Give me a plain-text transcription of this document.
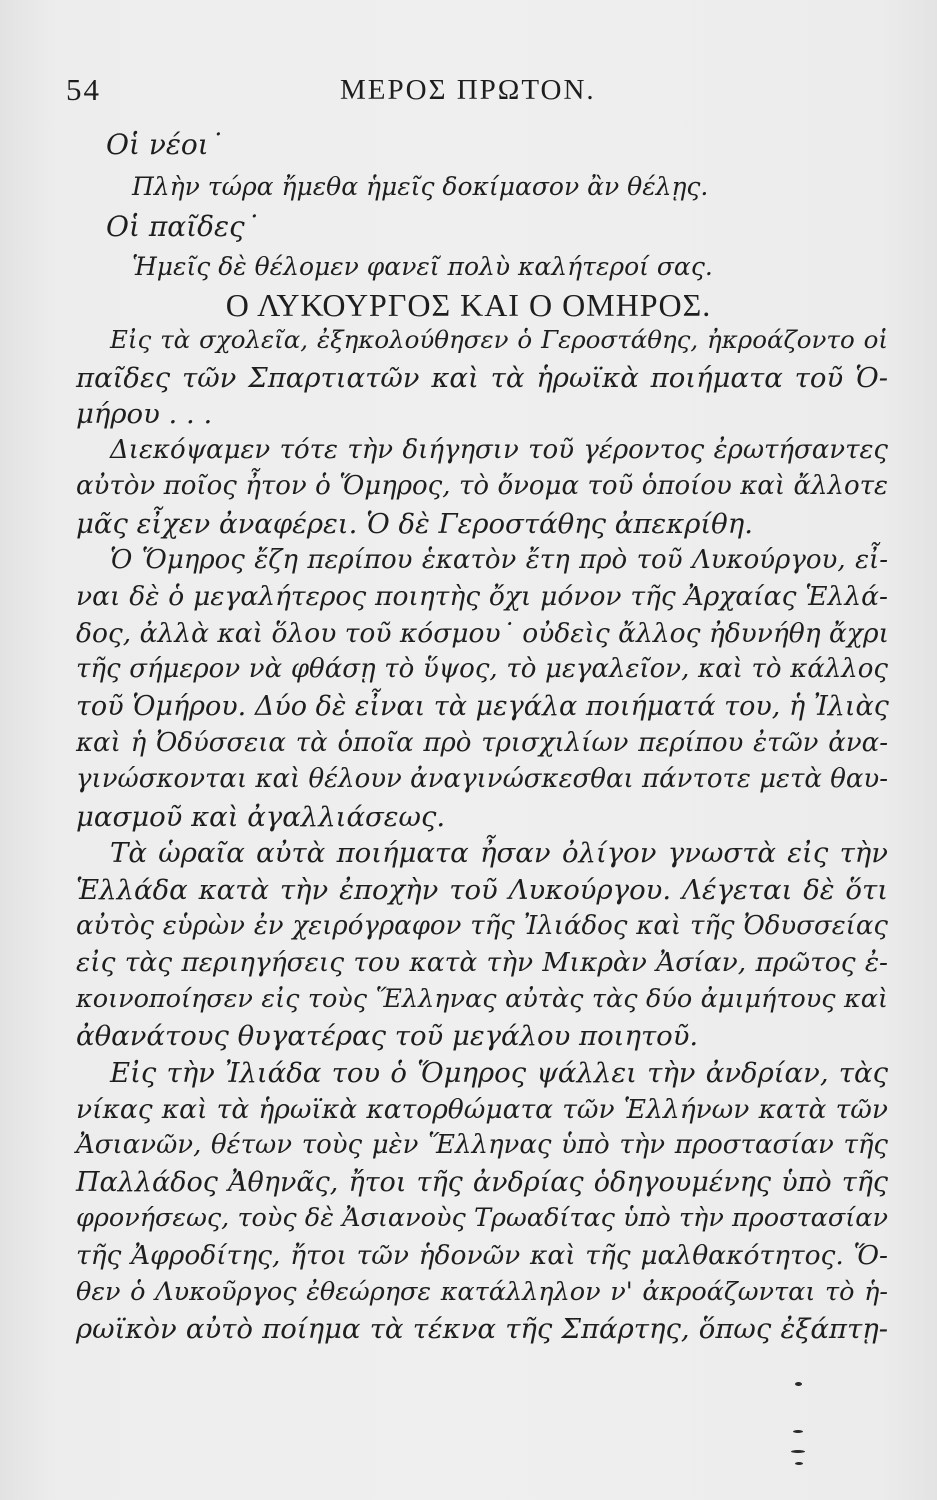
54	ΜΕΡΟΣ ΠΡΩΤΟΝ.
Οἱ νέοι˙
Πλὴν τώρα ἤμεθα ἡμεῖς δοκίμασον ἂν θέλῃς.
Οἱ παῖδες˙
Ἡμεῖς δὲ θέλομεν φανεῖ πολὺ καλήτεροί σας.
Ο ΛΥΚΟΥΡΓΟΣ ΚΑΙ Ο ΟΜΗΡΟΣ.
Εἰς τὰ σχολεῖα, ἐξηκολούθησεν ὁ Γεροστάθης, ἠκροάζοντο οἱ
παῖδες τῶν Σπαρτιατῶν καὶ τὰ ἡρωϊκὰ ποιήματα τοῦ Ὁ-
μήρου . . .
Διεκόψαμεν τότε τὴν διήγησιν τοῦ γέροντος ἐρωτήσαντες
αὐτὸν ποῖος ἦτον ὁ Ὅμηρος, τὸ ὄνομα τοῦ ὁποίου καὶ ἄλλοτε
μᾶς εἶχεν ἀναφέρει. Ὁ δὲ Γεροστάθης ἀπεκρίθη.
Ὁ Ὅμηρος ἔζη περίπου ἑκατὸν ἔτη πρὸ τοῦ Λυκούργου, εἶ-
ναι δὲ ὁ μεγαλήτερος ποιητὴς ὄχι μόνον τῆς Ἀρχαίας Ἑλλά-
δος, ἀλλὰ καὶ ὅλου τοῦ κόσμου˙ οὐδεὶς ἄλλος ἠδυνήθη ἄχρι
τῆς σήμερον νὰ φθάσῃ τὸ ὕψος, τὸ μεγαλεῖον, καὶ τὸ κάλλος
τοῦ Ὁμήρου. Δύο δὲ εἶναι τὰ μεγάλα ποιήματά του, ἡ Ἰλιὰς
καὶ ἡ Ὀδύσσεια τὰ ὁποῖα πρὸ τρισχιλίων περίπου ἐτῶν ἀνα-
γινώσκονται καὶ θέλουν ἀναγινώσκεσθαι πάντοτε μετὰ θαυ-
μασμοῦ καὶ ἀγαλλιάσεως.
Τὰ ὡραῖα αὐτὰ ποιήματα ἦσαν ὀλίγον γνωστὰ εἰς τὴν
Ἑλλάδα κατὰ τὴν ἐποχὴν τοῦ Λυκούργου. Λέγεται δὲ ὅτι
αὐτὸς εὑρὼν ἐν χειρόγραφον τῆς Ἰλιάδος καὶ τῆς Ὀδυσσείας
εἰς τὰς περιηγήσεις του κατὰ τὴν Μικρὰν Ἀσίαν, πρῶτος ἐ-
κοινοποίησεν εἰς τοὺς Ἕλληνας αὐτὰς τὰς δύο ἀμιμήτους καὶ
ἀθανάτους θυγατέρας τοῦ μεγάλου ποιητοῦ.
Εἰς τὴν Ἰλιάδα του ὁ Ὅμηρος ψάλλει τὴν ἀνδρίαν, τὰς
νίκας καὶ τὰ ἡρωϊκὰ κατορθώματα τῶν Ἑλλήνων κατὰ τῶν
Ἀσιανῶν, θέτων τοὺς μὲν Ἕλληνας ὑπὸ τὴν προστασίαν τῆς
Παλλάδος Ἀθηνᾶς, ἤτοι τῆς ἀνδρίας ὁδηγουμένης ὑπὸ τῆς
φρονήσεως, τοὺς δὲ Ἀσιανοὺς Τρωαδίτας ὑπὸ τὴν προστασίαν
τῆς Ἀφροδίτης, ἤτοι τῶν ἡδονῶν καὶ τῆς μαλθακότητος. Ὅ-
θεν ὁ Λυκοῦργος ἐθεώρησε κατάλληλον ν' ἀκροάζωνται τὸ ἡ-
ρωϊκὸν αὐτὸ ποίημα τὰ τέκνα τῆς Σπάρτης, ὅπως ἐξάπτῃ-
